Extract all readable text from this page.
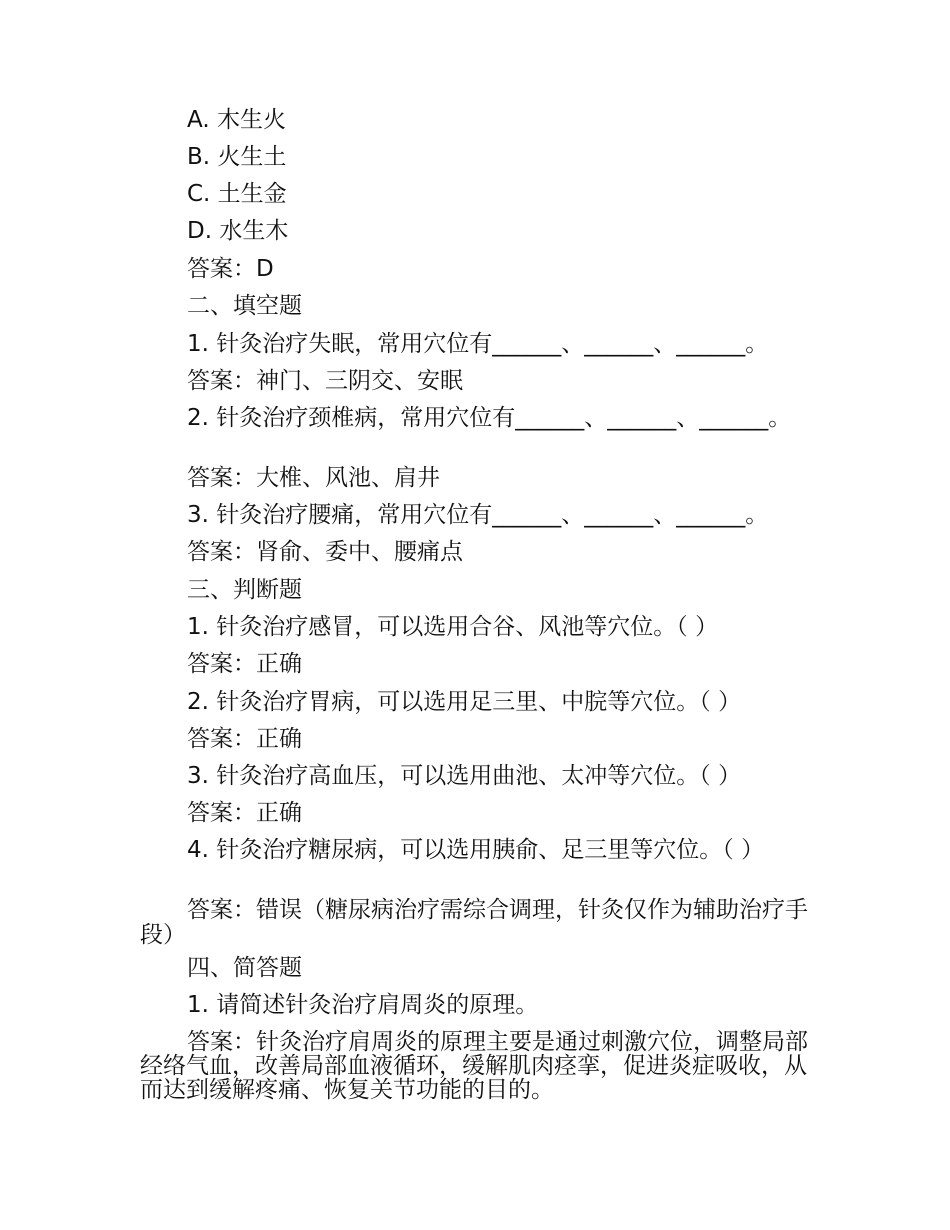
A. 木生火
B. 火生土
C. 土生金
D. 水生木
答案：D
二、填空题
1. 针灸治疗失眠，常用穴位有______、______、______。
答案：神门、三阴交、安眠
2. 针灸治疗颈椎病，常用穴位有______、______、______。
答案：大椎、风池、肩井
3. 针灸治疗腰痛，常用穴位有______、______、______。
答案：肾俞、委中、腰痛点
三、判断题
1. 针灸治疗感冒，可以选用合谷、风池等穴位。（ ）
答案：正确
2. 针灸治疗胃病，可以选用足三里、中脘等穴位。（ ）
答案：正确
3. 针灸治疗高血压，可以选用曲池、太冲等穴位。（ ）
答案：正确
4. 针灸治疗糖尿病，可以选用胰俞、足三里等穴位。（ ）
答案：错误（糖尿病治疗需综合调理，针灸仅作为辅助治疗手段）
四、简答题
1. 请简述针灸治疗肩周炎的原理。
答案：针灸治疗肩周炎的原理主要是通过刺激穴位，调整局部经络气血，改善局部血液循环，缓解肌肉痉挛，促进炎症吸收，从而达到缓解疼痛、恢复关节功能的目的。
